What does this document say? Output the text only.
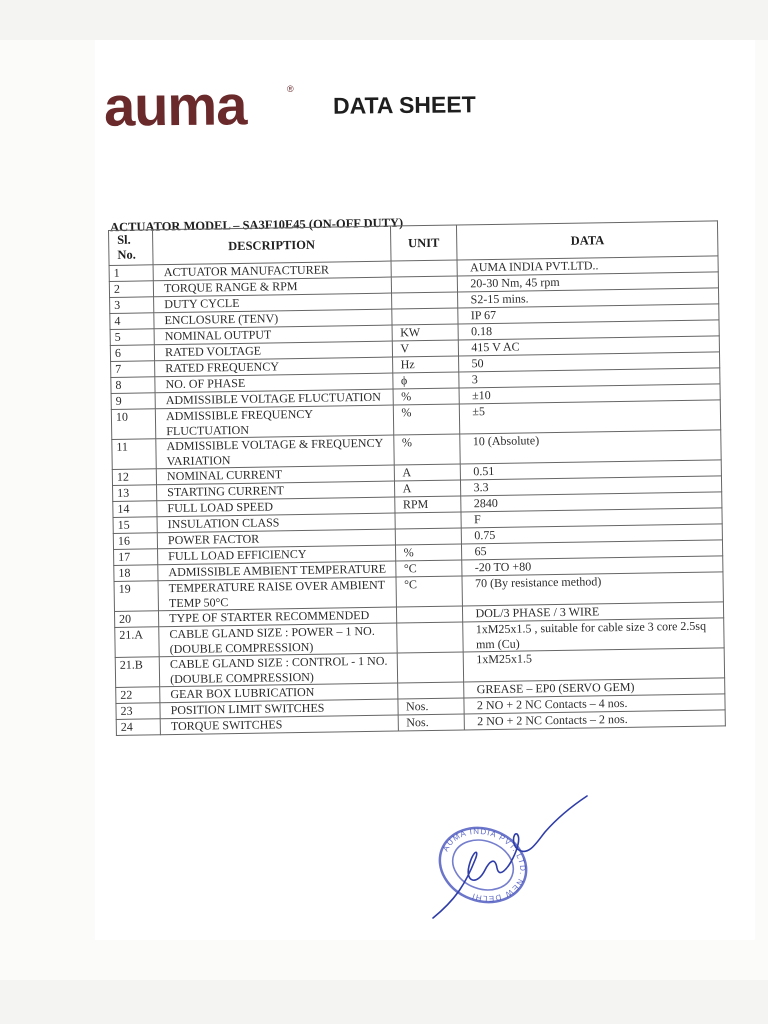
auma	®
DATA SHEET

ACTUATOR MODEL – SA3F10E45 (ON-OFF DUTY)

Sl.
No.	DESCRIPTION	UNIT	DATA
1	ACTUATOR MANUFACTURER		AUMA INDIA PVT.LTD..
2	TORQUE RANGE & RPM		20-30 Nm, 45 rpm
3	DUTY CYCLE		S2-15 mins.
4	ENCLOSURE (TENV)		IP 67
5	NOMINAL OUTPUT	KW	0.18
6	RATED VOLTAGE	V	415 V AC
7	RATED FREQUENCY	Hz	50
8	NO. OF PHASE	ϕ	3
9	ADMISSIBLE VOLTAGE FLUCTUATION	%	±10
10	ADMISSIBLE FREQUENCY FLUCTUATION	%	±5
11	ADMISSIBLE VOLTAGE & FREQUENCY VARIATION	%	10 (Absolute)
12	NOMINAL CURRENT	A	0.51
13	STARTING CURRENT	A	3.3
14	FULL LOAD SPEED	RPM	2840
15	INSULATION CLASS		F
16	POWER FACTOR		0.75
17	FULL LOAD EFFICIENCY	%	65
18	ADMISSIBLE AMBIENT TEMPERATURE	°C	-20 TO +80
19	TEMPERATURE RAISE OVER AMBIENT TEMP 50°C	°C	70 (By resistance method)
20	TYPE OF STARTER RECOMMENDED		DOL/3 PHASE / 3 WIRE
21.A	CABLE GLAND SIZE : POWER – 1 NO. (DOUBLE COMPRESSION)		1xM25x1.5 , suitable for cable size 3 core 2.5sq mm (Cu)
21.B	CABLE GLAND SIZE : CONTROL - 1 NO. (DOUBLE COMPRESSION)		1xM25x1.5
22	GEAR BOX LUBRICATION		GREASE – EP0 (SERVO GEM)
23	POSITION LIMIT SWITCHES	Nos.	2 NO + 2 NC Contacts – 4 nos.
24	TORQUE SWITCHES	Nos.	2 NO + 2 NC Contacts – 2 nos.
AUMA INDIA PVT. LTD. NEW DELHI
